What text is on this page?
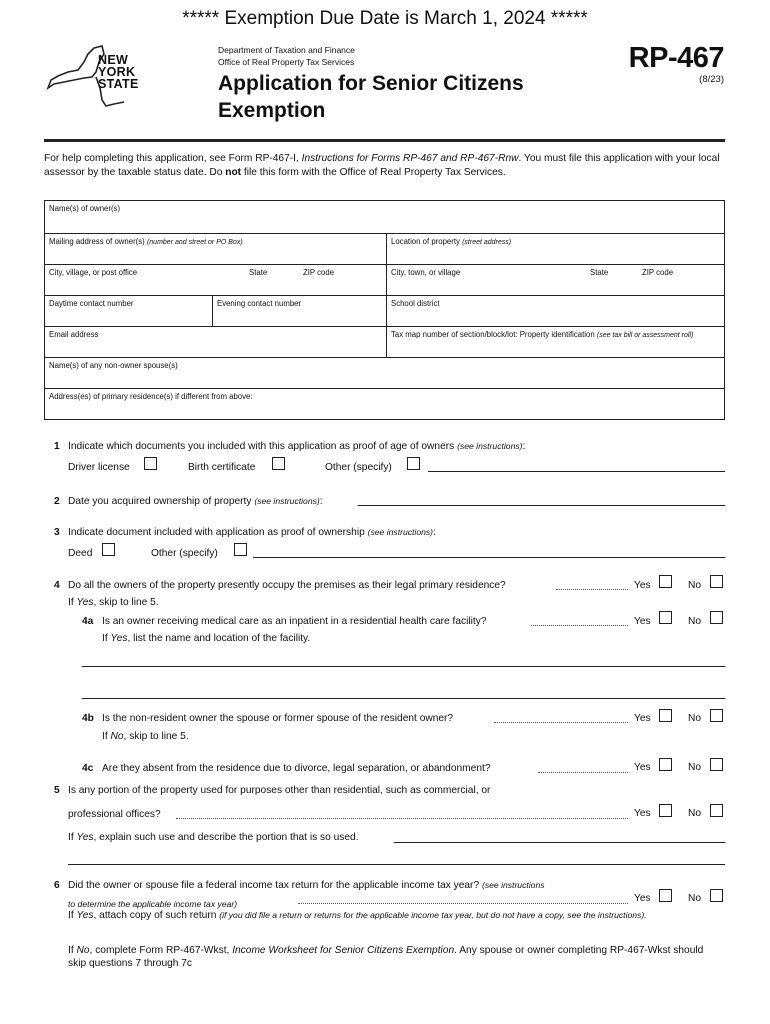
***** Exemption Due Date is March 1, 2024 *****
NEW
YORK
STATE
Department of Taxation and Finance
Office of Real Property Tax Services
Application for Senior Citizens
Exemption
RP-467
(8/23)
For help completing this application, see Form RP-467-I, Instructions for Forms RP-467 and RP-467-Rnw. You must file this application with your local assessor by the taxable status date. Do not file this form with the Office of Real Property Tax Services.
Name(s) of owner(s)
Mailing address of owner(s) (number and street or PO Box)	Location of property (street address)
City, village, or post office	State	ZIP code	City, town, or village	State	ZIP code
Daytime contact number	Evening contact number	School district
Email address	Tax map number of section/block/lot: Property identification (see tax bill or assessment roll)
Name(s) of any non-owner spouse(s)
Address(es) of primary residence(s) if different from above:
1 Indicate which documents you included with this application as proof of age of owners (see instructions):
Driver license	Birth certificate	Other (specify)
2 Date you acquired ownership of property (see instructions):
3 Indicate document included with application as proof of ownership (see instructions):
Deed	Other (specify)
4 Do all the owners of the property presently occupy the premises as their legal primary residence?
If Yes, skip to line 5.
Yes	No
4a Is an owner receiving medical care as an inpatient in a residential health care facility?
If Yes, list the name and location of the facility.
Yes	No
4b Is the non-resident owner the spouse or former spouse of the resident owner?
If No, skip to line 5.
Yes	No
4c Are they absent from the residence due to divorce, legal separation, or abandonment?	Yes	No
5 Is any portion of the property used for purposes other than residential, such as commercial, or
professional offices?	Yes	No
If Yes, explain such use and describe the portion that is so used.
6 Did the owner or spouse file a federal income tax return for the applicable income tax year? (see instructions
to determine the applicable income tax year)	Yes	No
If Yes, attach copy of such return (if you did file a return or returns for the applicable income tax year, but do not have a copy, see the instructions).
If No, complete Form RP-467-Wkst, Income Worksheet for Senior Citizens Exemption. Any spouse or owner completing RP-467-Wkst should skip questions 7 through 7c
